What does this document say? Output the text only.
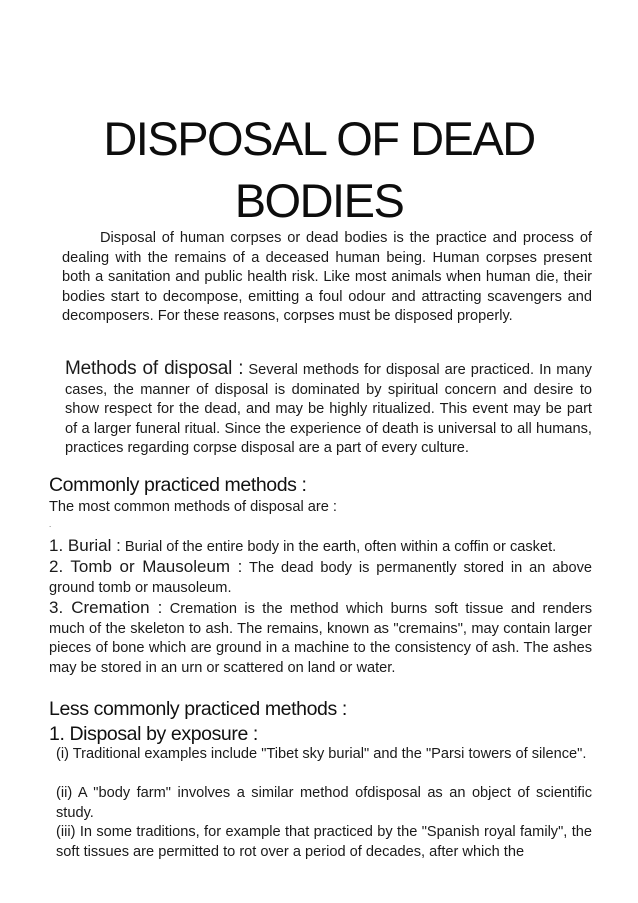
DISPOSAL OF DEAD
BODIES

Disposal of human corpses or dead bodies is the practice and process of dealing with the remains of a deceased human being. Human corpses present both a sanitation and public health risk. Like most animals when human die, their bodies start to decompose, emitting a foul odour and attracting scavengers and decomposers. For these reasons, corpses must be disposed properly.

Methods of disposal : Several methods for disposal are practiced. In many cases, the manner of disposal is dominated by spiritual concern and desire to show respect for the dead, and may be highly ritualized. This event may be part of a larger funeral ritual. Since the experience of death is universal to all humans, practices regarding corpse disposal are a part of every culture.

Commonly practiced methods :
The most common methods of disposal are :
.

1. Burial : Burial of the entire body in the earth, often within a coffin or casket.

2. Tomb or Mausoleum : The dead body is permanently stored in an above ground tomb or mausoleum.

3. Cremation : Cremation is the method which burns soft tissue and renders much of the skeleton to ash. The remains, known as "cremains", may contain larger pieces of bone which are ground in a machine to the consistency of ash. The ashes may be stored in an urn or scattered on land or water.

Less commonly practiced methods :
1. Disposal by exposure :

(i) Traditional examples include "Tibet sky burial" and the "Parsi towers of silence".

(ii) A "body farm" involves a similar method ofdisposal as an object of scientific study.

(iii) In some traditions, for example that practiced by the "Spanish royal family", the soft tissues are permitted to rot over a period of decades, after which the
